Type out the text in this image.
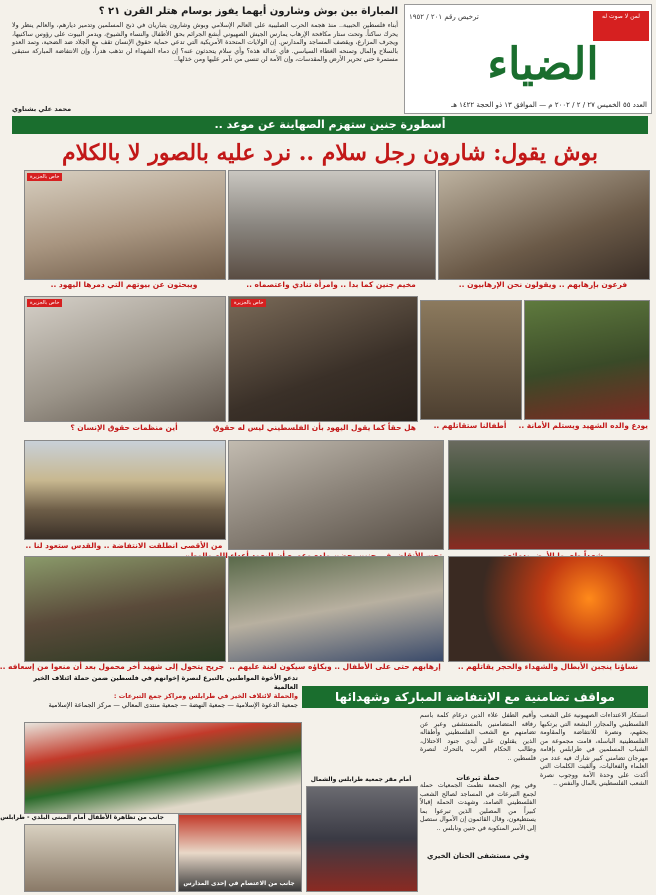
لمن لا صوت له
ترخيص رقم ٢٠١ / ١٩٥٢
الضياء
العدد ٥٥ الخميس ٢٧ / ٢ / ٢٠٠٢ م — الموافق ١٣ ذو الحجة ١٤٢٢ هـ
المباراة بين بوش وشارون أيهما يفوز بوسام هتلر القرن ٢١ ؟
أبناء فلسطين الحبيبة.. منذ هجمة الحرب الصليبية على العالم الإسلامي وبوش وشارون يتباريان في ذبح المسلمين وتدمير ديارهم، والعالم ينظر ولا يحرك ساكناً. وتحت ستار مكافحة الإرهاب يمارس الجيش الصهيوني أبشع الجرائم بحق الأطفال والنساء والشيوخ، ويدمر البيوت على رؤوس ساكنيها، ويجرف المزارع، ويقصف المساجد والمدارس. إن الولايات المتحدة الأمريكية التي تدعي حماية حقوق الإنسان تقف مع الجلاد ضد الضحية، وتمد العدو بالسلاح والمال وتمنحه الغطاء السياسي. فأي عدالة هذه؟ وأي سلام يتحدثون عنه؟ إن دماء الشهداء لن تذهب هدراً، وإن الانتفاضة المباركة ستبقى مستمرة حتى تحرير الأرض والمقدسات، وإن الأمة لن تنسى من تآمر عليها ومن خذلها..
محمد علي بشناوي
أسطورة جنين ستهزم الصهاينة عن موعد ..
بوش يقول: شارون رجل سلام .. نرد عليه بالصور لا بالكلام
فرعون بإرهابهم .. ويقولون نحن الإرهابيون ..
مخيم جنين كما بدا .. وامرأة تنادي واعتصماه ..
خاص بالجزيرة
ويبحثون عن بيوتهم التي دمرها اليهود ..
أطفالنا ستقاتلهم ..
خاص بالجزيرة
هل حقاً كما يقول اليهود بأن الفلسطيني ليس له حقوق
خاص بالجزيرة
أين منظمات حقوق الإنسان ؟	يودع والده الشهيد ويستلم الأمانة ..
من الأقصى انطلقت الانتفاضة .. والقدس ستعود لنا ..
نساؤنا ينجبن الأبطال والشهداء والحجر يقاتلهم ..
إرهابهم حتى على الأطفال .. وبكاؤه سيكون لعنة عليهم ..
جريح يتحول إلى شهيد أخر محمول بعد أن منعوا من إسعافه ..
تدعو الأخوة المواطنين بالتبرع لنصرة إخوانهم في فلسطين ضمن حملة ائتلاف الخير العالمية
والحملة لائتلاف الخير في طرابلس ومراكز جمع التبرعات :
جمعية الدعوة الإسلامية — جمعية النهضة — جمعية منتدى المعالي — مركز الجماعة الإسلامية
مواقف تضامنية مع الإنتفاضة المباركة وشهدائها
استنكار الاعتداءات الصهيونية على الشعب الفلسطيني والمجازر البشعة التي يرتكبها بحقهم، ونصرة للانتفاضة والمقاومة الفلسطينية الباسلة، قامت مجموعة من الشباب المسلمين في طرابلس بإقامة مهرجان تضامني كبير شارك فيه عدد من العلماء والفعاليات، وألقيت الكلمات التي أكدت على وحدة الأمة ووجوب نصرة الشعب الفلسطيني بالمال والنفس ..
وأقيم الطفل علاء الدين درغام كلمة باسم رفاقه المتضامنين بالمستشفى وعبر عن تضامنهم مع الشعب الفلسطيني وأطفاله الذين يقتلون على أيدي جنود الاحتلال، وطالب الحكام العرب بالتحرك لنصرة فلسطين ..
حملة تبرعات
وفي يوم الجمعة نظمت الجمعيات حملة لجمع التبرعات في المساجد لصالح الشعب الفلسطيني الصامد، وشهدت الحملة إقبالاً كبيراً من المصلين الذين تبرعوا بما يستطيعون، وقال القائمون إن الأموال ستصل إلى الأسر المنكوبة في جنين ونابلس ..
وفي مستشفى الحنان الخيري
أمام مقر جمعية طرابلس والشمال
جانب من تظاهرة الأطفال أمام المبنى البلدي - طرابلس
جانب من الاعتصام في إحدى المدارس
